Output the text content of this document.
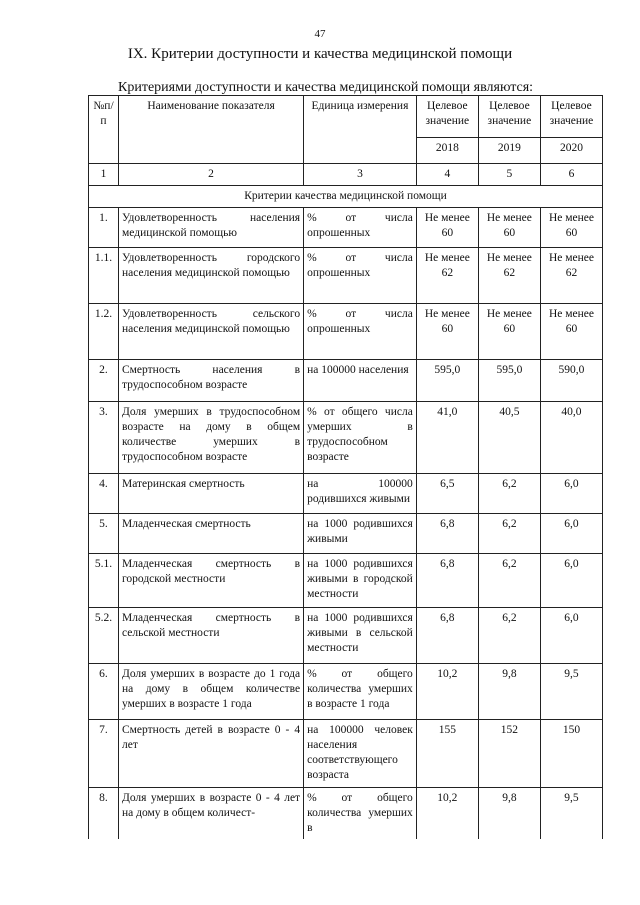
47
IX. Критерии доступности и качества медицинской помощи
Критериями доступности и качества медицинской помощи являются:
№п/ п	Наименование показателя	Единица измерения	Целевое значение	Целевое значение	Целевое значение
			2018	2019	2020
1	2	3	4	5	6
Критерии качества медицинской помощи					
1.	Удовлетворенность населения медицинской помощью	% от числа опрошенных	Не менее 60	Не менее 60	Не менее 60
1.1.	Удовлетворенность городского населения медицинской помощью	% от числа опрошенных	Не менее 62	Не менее 62	Не менее 62
1.2.	Удовлетворенность сельского населения медицинской помощью	% от числа опрошенных	Не менее 60	Не менее 60	Не менее 60
2.	Смертность населения в трудоспособном возрасте	на 100000 населения	595,0	595,0	590,0
3.	Доля умерших в трудоспособном возрасте на дому в общем количестве умерших в трудоспособном возрасте	% от общего числа умерших в трудоспособном возрасте	41,0	40,5	40,0
4.	Материнская смертность	на 100000 родившихся живыми	6,5	6,2	6,0
5.	Младенческая смертность	на 1000 родившихся живыми	6,8	6,2	6,0
5.1.	Младенческая смертность в городской местности	на 1000 родившихся живыми в городской местности	6,8	6,2	6,0
5.2.	Младенческая смертность в сельской местности	на 1000 родившихся живыми в сельской местности	6,8	6,2	6,0
6.	Доля умерших в возрасте до 1 года на дому в общем количестве умерших в возрасте 1 года	% от общего количества умерших в возрасте 1 года	10,2	9,8	9,5
7.	Смертность детей в возрасте 0 - 4 лет	на 100000 человек населения соответствующего возраста	155	152	150
8.	Доля умерших в возрасте 0 - 4 лет на дому в общем количест-	% от общего количества умерших в	10,2	9,8	9,5
